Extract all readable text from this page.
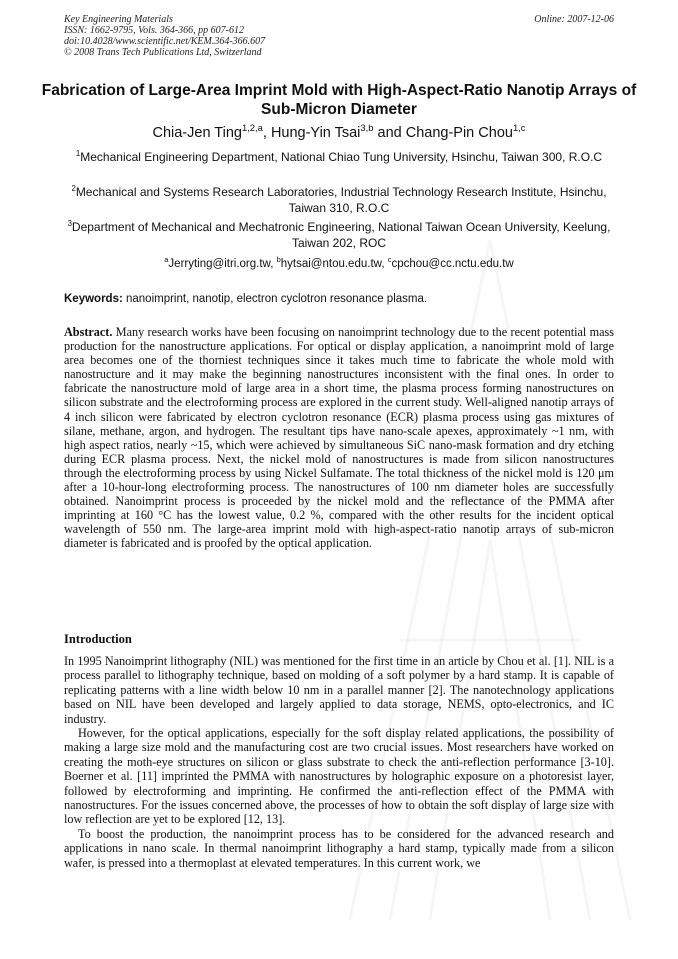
Key Engineering Materials
ISSN: 1662-9795, Vols. 364-366, pp 607-612
doi:10.4028/www.scientific.net/KEM.364-366.607
© 2008 Trans Tech Publications Ltd, Switzerland
Online: 2007-12-06
Fabrication of Large-Area Imprint Mold with High-Aspect-Ratio Nanotip Arrays of Sub-Micron Diameter
Chia-Jen Ting$^{1,2,a}$, Hung-Yin Tsai$^{3,b}$ and Chang-Pin Chou$^{1,c}$
$^1$Mechanical Engineering Department, National Chiao Tung University, Hsinchu, Taiwan 300, R.O.C
$^2$Mechanical and Systems Research Laboratories, Industrial Technology Research Institute, Hsinchu, Taiwan 310, R.O.C
$^3$Department of Mechanical and Mechatronic Engineering, National Taiwan Ocean University, Keelung, Taiwan 202, ROC
$^a$Jerryting@itri.org.tw, $^b$hytsai@ntou.edu.tw, $^c$cpchou@cc.nctu.edu.tw
Keywords: nanoimprint, nanotip, electron cyclotron resonance plasma.

Abstract. Many research works have been focusing on nanoimprint technology due to the recent potential mass production for the nanostructure applications. For optical or display application, a nanoimprint mold of large area becomes one of the thorniest techniques since it takes much time to fabricate the whole mold with nanostructure and it may make the beginning nanostructures inconsistent with the final ones. In order to fabricate the nanostructure mold of large area in a short time, the plasma process forming nanostructures on silicon substrate and the electroforming process are explored in the current study. Well-aligned nanotip arrays of 4 inch silicon were fabricated by electron cyclotron resonance (ECR) plasma process using gas mixtures of silane, methane, argon, and hydrogen. The resultant tips have nano-scale apexes, approximately ~1 nm, with high aspect ratios, nearly ~15, which were achieved by simultaneous SiC nano-mask formation and dry etching during ECR plasma process. Next, the nickel mold of nanostructures is made from silicon nanostructures through the electroforming process by using Nickel Sulfamate. The total thickness of the nickel mold is 120 μm after a 10-hour-long electroforming process. The nanostructures of 100 nm diameter holes are successfully obtained. Nanoimprint process is proceeded by the nickel mold and the reflectance of the PMMA after imprinting at 160 °C has the lowest value, 0.2 %, compared with the other results for the incident optical wavelength of 550 nm. The large-area imprint mold with high-aspect-ratio nanotip arrays of sub-micron diameter is fabricated and is proofed by the optical application.

Introduction

In 1995 Nanoimprint lithography (NIL) was mentioned for the first time in an article by Chou et al. [1]. NIL is a process parallel to lithography technique, based on molding of a soft polymer by a hard stamp. It is capable of replicating patterns with a line width below 10 nm in a parallel manner [2]. The nanotechnology applications based on NIL have been developed and largely applied to data storage, NEMS, opto-electronics, and IC industry.

However, for the optical applications, especially for the soft display related applications, the possibility of making a large size mold and the manufacturing cost are two crucial issues. Most researchers have worked on creating the moth-eye structures on silicon or glass substrate to check the anti-reflection performance [3-10]. Boerner et al. [11] imprinted the PMMA with nanostructures by holographic exposure on a photoresist layer, followed by electroforming and imprinting. He confirmed the anti-reflection effect of the PMMA with nanostructures. For the issues concerned above, the processes of how to obtain the soft display of large size with low reflection are yet to be explored [12, 13].

To boost the production, the nanoimprint process has to be considered for the advanced research and applications in nano scale. In thermal nanoimprint lithography a hard stamp, typically made from a silicon wafer, is pressed into a thermoplast at elevated temperatures. In this current work, we
